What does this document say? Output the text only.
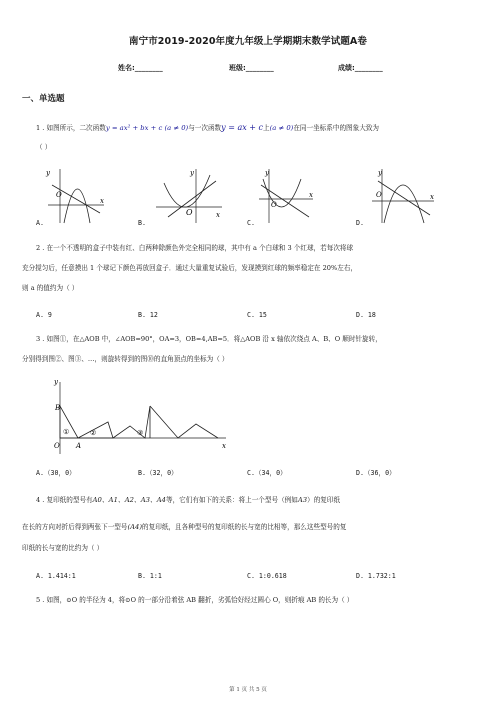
南宁市2019-2020年度九年级上学期期末数学试题A卷
姓名:________	班级:________	成绩:________
一、单选题
1 . 如图所示，二次函数y = ax² + bx + c (a ≠ 0)与一次函数y = ax + c上(a ≠ 0)在同一坐标系中的图象大致为
（ ）
y
x
O
A.
y
x
O
B.
y
x
O
C.
y
x
O
D.
2 . 在一个不透明的盒子中装有红、白两种除颜色外完全相同的球，其中有 a 个白球和 3 个红球，若每次将球
充分搅匀后，任意摸出 1 个球记下颜色再放回盒子．通过大量重复试验后，发现摸到红球的频率稳定在 20%左右，
则 a 的值约为（ ）
A. 9	B. 12	C. 15	D. 18
3 . 如图①，在△AOB 中，∠AOB=90°，OA=3，OB=4,AB=5．将△AOB 沿 x 轴依次绕点 A、B、O 顺时针旋转，
分别得到图②、图③、…，则旋转得到的图⑩的直角顶点的坐标为（ ）
y
B
O A	x
①	②	③
A.（30，0）	B.（32，0）	C.（34，0）	D.（36，0）
4 . 复印纸的型号有A0、A1、A2、A3、A4等，它们有如下的关系：将上一个型号（例如A3）的复印纸
在长的方向对折后得到两张下一型号(A4)的复印纸，且各种型号的复印纸的长与宽的比相等，那么这些型号的复
印纸的长与宽的比约为（ ）
A. 1.414:1	B. 1:1	C. 1:0.618	D. 1.732:1
5 . 如图，⊙O 的半径为 4，将⊙O 的一部分沿着弦 AB 翻折，劣弧恰好经过圆心 O，则折痕 AB 的长为（ ）
第 1 页 共 5 页
